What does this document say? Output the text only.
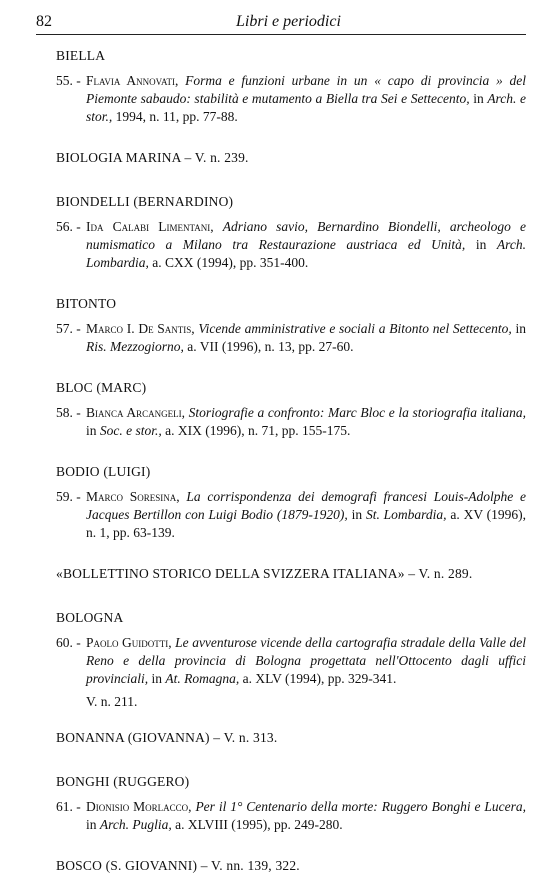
82	Libri e periodici
BIELLA
55. - Flavia Annovati, Forma e funzioni urbane in un « capo di provincia » del Piemonte sabaudo: stabilità e mutamento a Biella tra Sei e Settecento, in Arch. e stor., 1994, n. 11, pp. 77-88.
BIOLOGIA MARINA – V. n. 239.
BIONDELLI (BERNARDINO)
56. - Ida Calabi Limentani, Adriano savio, Bernardino Biondelli, archeologo e numismatico a Milano tra Restaurazione austriaca ed Unità, in Arch. Lombardia, a. CXX (1994), pp. 351-400.
BITONTO
57. - Marco I. De Santis, Vicende amministrative e sociali a Bitonto nel Settecento, in Ris. Mezzogiorno, a. VII (1996), n. 13, pp. 27-60.
BLOC (MARC)
58. - Bianca Arcangeli, Storiografie a confronto: Marc Bloc e la storiografia italiana, in Soc. e stor., a. XIX (1996), n. 71, pp. 155-175.
BODIO (LUIGI)
59. - Marco Soresina, La corrispondenza dei demografi francesi Louis-Adolphe e Jacques Bertillon con Luigi Bodio (1879-1920), in St. Lombardia, a. XV (1996), n. 1, pp. 63-139.
«BOLLETTINO STORICO DELLA SVIZZERA ITALIANA» – V. n. 289.
BOLOGNA
60. - Paolo Guidotti, Le avventurose vicende della cartografia stradale della Valle del Reno e della provincia di Bologna progettata nell'Ottocento dagli uffici provinciali, in At. Romagna, a. XLV (1994), pp. 329-341.
V. n. 211.
BONANNA (GIOVANNA) – V. n. 313.
BONGHI (RUGGERO)
61. - Dionisio Morlacco, Per il 1° Centenario della morte: Ruggero Bonghi e Lucera, in Arch. Puglia, a. XLVIII (1995), pp. 249-280.
BOSCO (S. GIOVANNI) – V. nn. 139, 322.
